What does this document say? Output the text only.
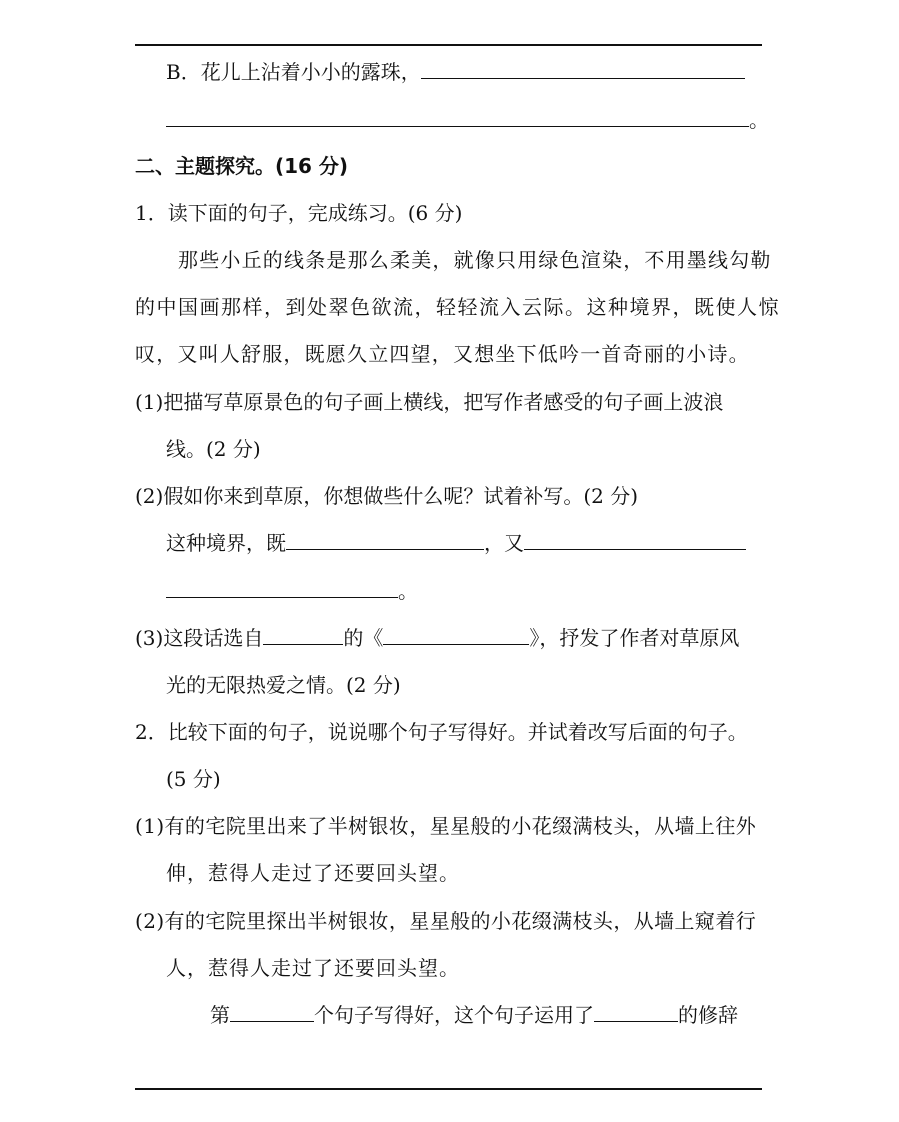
B．花儿上沾着小小的露珠，
。
二、主题探究。(16 分)
1．读下面的句子，完成练习。(6 分)
那些小丘的线条是那么柔美，就像只用绿色渲染，不用墨线勾勒
的中国画那样，到处翠色欲流，轻轻流入云际。这种境界，既使人惊
叹，又叫人舒服，既愿久立四望，又想坐下低吟一首奇丽的小诗。
(1)把描写草原景色的句子画上横线，把写作者感受的句子画上波浪
线。(2 分)
(2)假如你来到草原，你想做些什么呢？试着补写。(2 分)
这种境界，既	，又
。
(3)这段话选自	的《	》，抒发了作者对草原风
光的无限热爱之情。(2 分)
2．比较下面的句子，说说哪个句子写得好。并试着改写后面的句子。
(5 分)
(1)有的宅院里出来了半树银妆，星星般的小花缀满枝头，从墙上往外
伸，惹得人走过了还要回头望。
(2)有的宅院里探出半树银妆，星星般的小花缀满枝头，从墙上窥着行
人，惹得人走过了还要回头望。
第	个句子写得好，这个句子运用了	的修辞
